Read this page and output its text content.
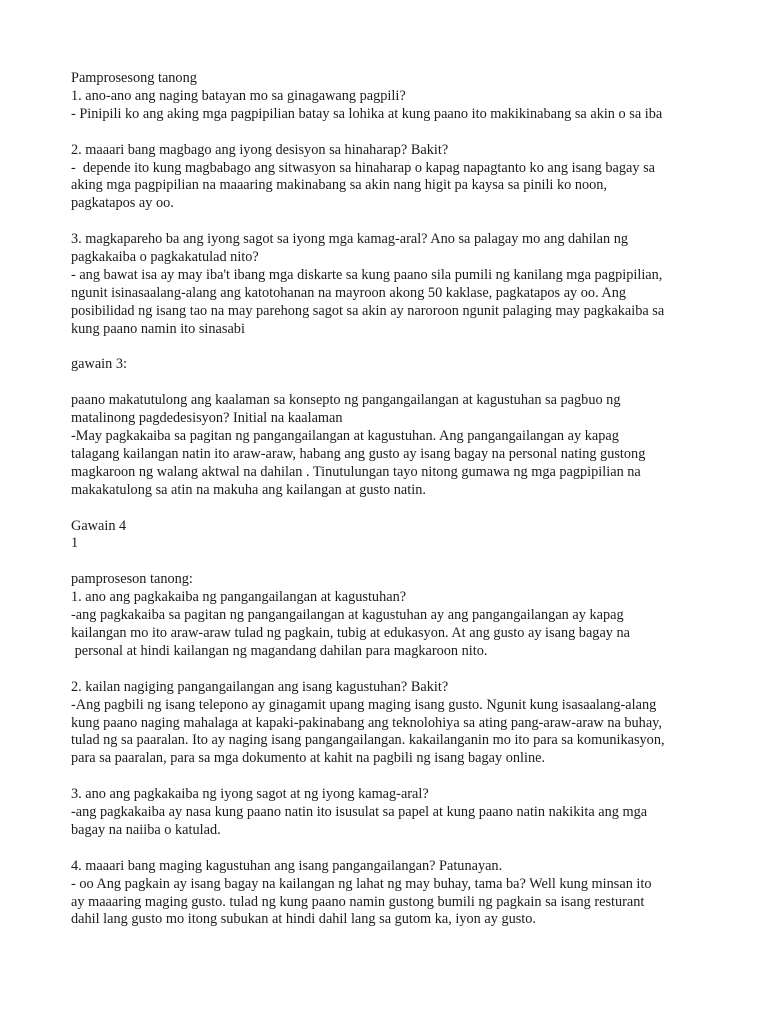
Pamprosesong tanong
1. ano-ano ang naging batayan mo sa ginagawang pagpili?
- Pinipili ko ang aking mga pagpipilian batay sa lohika at kung paano ito makikinabang sa akin o sa iba
2. maaari bang magbago ang iyong desisyon sa hinaharap? Bakit?
-  depende ito kung magbabago ang sitwasyon sa hinaharap o kapag napagtanto ko ang isang bagay sa
aking mga pagpipilian na maaaring makinabang sa akin nang higit pa kaysa sa pinili ko noon,
pagkatapos ay oo.
3. magkapareho ba ang iyong sagot sa iyong mga kamag-aral? Ano sa palagay mo ang dahilan ng
pagkakaiba o pagkakatulad nito?
- ang bawat isa ay may iba't ibang mga diskarte sa kung paano sila pumili ng kanilang mga pagpipilian,
ngunit isinasaalang-alang ang katotohanan na mayroon akong 50 kaklase, pagkatapos ay oo. Ang
posibilidad ng isang tao na may parehong sagot sa akin ay naroroon ngunit palaging may pagkakaiba sa
kung paano namin ito sinasabi
gawain 3:
paano makatutulong ang kaalaman sa konsepto ng pangangailangan at kagustuhan sa pagbuo ng
matalinong pagdedesisyon? Initial na kaalaman
-May pagkakaiba sa pagitan ng pangangailangan at kagustuhan. Ang pangangailangan ay kapag
talagang kailangan natin ito araw-araw, habang ang gusto ay isang bagay na personal nating gustong
magkaroon ng walang aktwal na dahilan . Tinutulungan tayo nitong gumawa ng mga pagpipilian na
makakatulong sa atin na makuha ang kailangan at gusto natin.
Gawain 4
1
pamproseson tanong:
1. ano ang pagkakaiba ng pangangailangan at kagustuhan?
-ang pagkakaiba sa pagitan ng pangangailangan at kagustuhan ay ang pangangailangan ay kapag
kailangan mo ito araw-araw tulad ng pagkain, tubig at edukasyon. At ang gusto ay isang bagay na
personal at hindi kailangan ng magandang dahilan para magkaroon nito.
2. kailan nagiging pangangailangan ang isang kagustuhan? Bakit?
-Ang pagbili ng isang telepono ay ginagamit upang maging isang gusto. Ngunit kung isasaalang-alang
kung paano naging mahalaga at kapaki-pakinabang ang teknolohiya sa ating pang-araw-araw na buhay,
tulad ng sa paaralan. Ito ay naging isang pangangailangan. kakailanganin mo ito para sa komunikasyon,
para sa paaralan, para sa mga dokumento at kahit na pagbili ng isang bagay online.
3. ano ang pagkakaiba ng iyong sagot at ng iyong kamag-aral?
-ang pagkakaiba ay nasa kung paano natin ito isusulat sa papel at kung paano natin nakikita ang mga
bagay na naiiba o katulad.
4. maaari bang maging kagustuhan ang isang pangangailangan? Patunayan.
- oo Ang pagkain ay isang bagay na kailangan ng lahat ng may buhay, tama ba? Well kung minsan ito
ay maaaring maging gusto. tulad ng kung paano namin gustong bumili ng pagkain sa isang resturant
dahil lang gusto mo itong subukan at hindi dahil lang sa gutom ka, iyon ay gusto.
